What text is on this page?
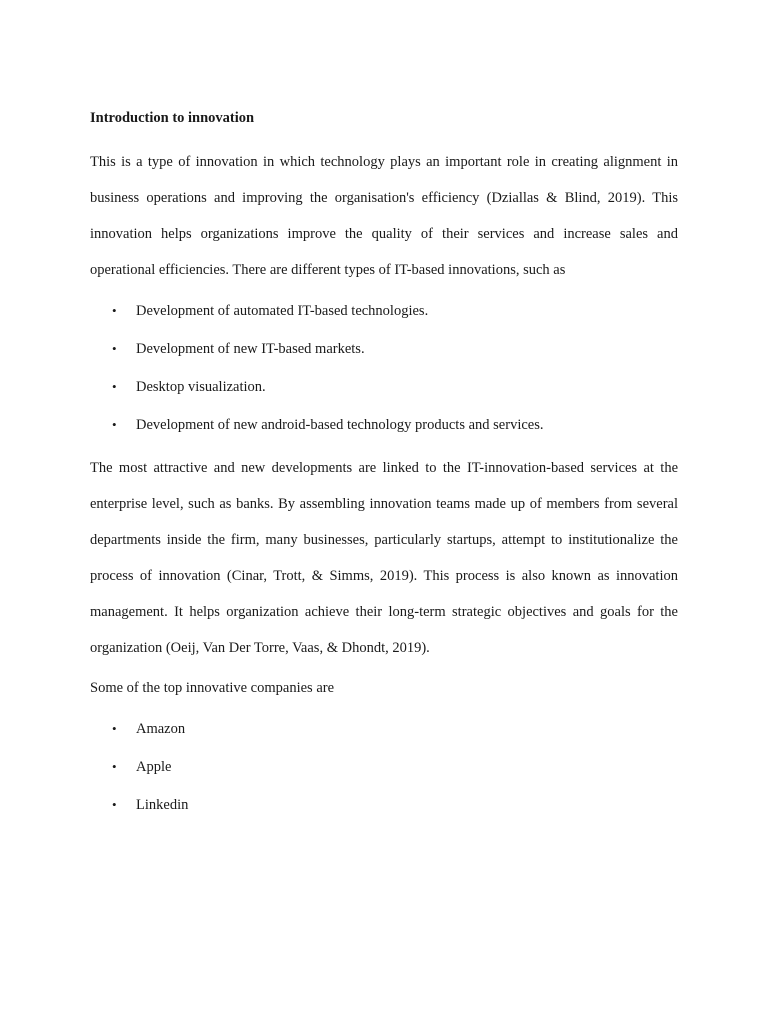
Introduction to innovation

This is a type of innovation in which technology plays an important role in creating alignment in business operations and improving the organisation's efficiency (Dziallas & Blind, 2019). This innovation helps organizations improve the quality of their services and increase sales and operational efficiencies. There are different types of IT-based innovations, such as

• Development of automated IT-based technologies.
• Development of new IT-based markets.
• Desktop visualization.
• Development of new android-based technology products and services.

The most attractive and new developments are linked to the IT-innovation-based services at the enterprise level, such as banks. By assembling innovation teams made up of members from several departments inside the firm, many businesses, particularly startups, attempt to institutionalize the process of innovation (Cinar, Trott, & Simms, 2019). This process is also known as innovation management. It helps organization achieve their long-term strategic objectives and goals for the organization (Oeij, Van Der Torre, Vaas, & Dhondt, 2019).

Some of the top innovative companies are

• Amazon
• Apple
• Linkedin
